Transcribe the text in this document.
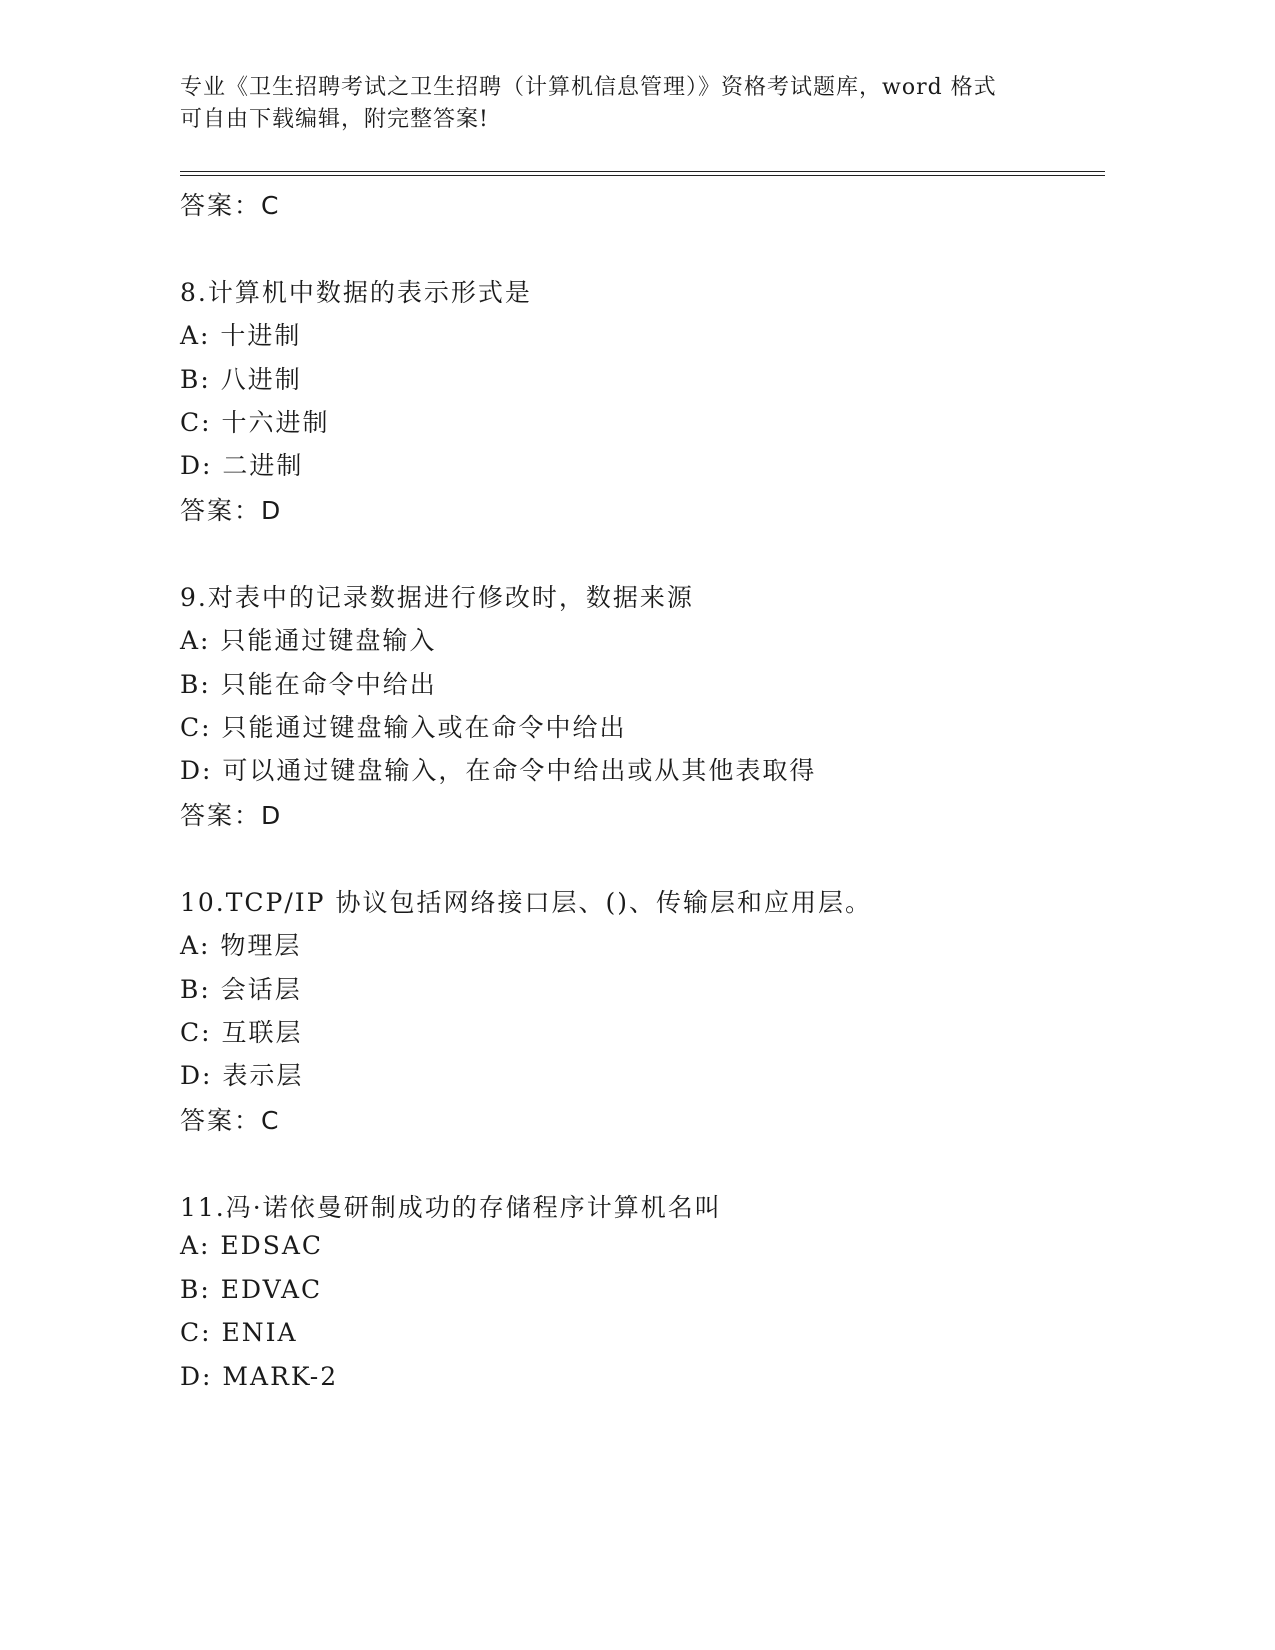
专业《卫生招聘考试之卫生招聘（计算机信息管理）》资格考试题库，word 格式
可自由下载编辑，附完整答案!
答案：C
8.计算机中数据的表示形式是
A: 十进制
B: 八进制
C: 十六进制
D: 二进制
答案：D
9.对表中的记录数据进行修改时，数据来源
A: 只能通过键盘输入
B: 只能在命令中给出
C: 只能通过键盘输入或在命令中给出
D: 可以通过键盘输入，在命令中给出或从其他表取得
答案：D
10.TCP/IP 协议包括网络接口层、()、传输层和应用层。
A: 物理层
B: 会话层
C: 互联层
D: 表示层
答案：C
11.冯·诺依曼研制成功的存储程序计算机名叫
A: EDSAC
B: EDVAC
C: ENIA
D: MARK-2
